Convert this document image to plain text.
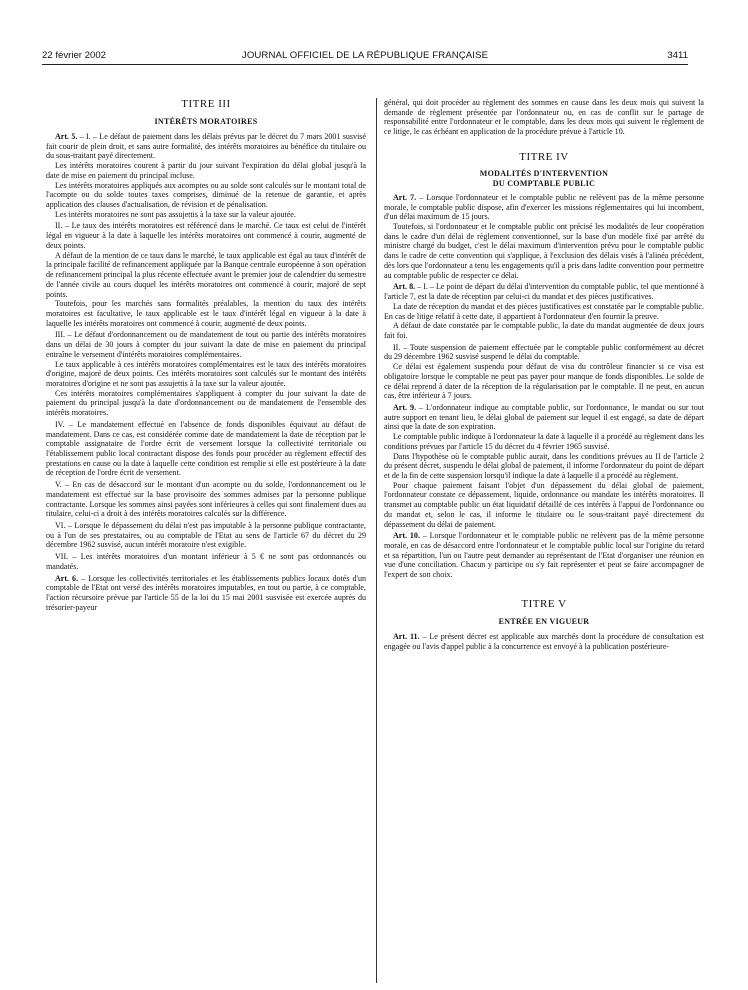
22 février 2002	JOURNAL OFFICIEL DE LA RÉPUBLIQUE FRANÇAISE	3411
TITRE III
INTÉRÊTS MORATOIRES

Art. 5. – I. – Le défaut de paiement dans les délais prévus par le décret du 7 mars 2001 susvisé fait courir de plein droit, et sans autre formalité, des intérêts moratoires au bénéfice du titulaire ou du sous-traitant payé directement.

Les intérêts moratoires courent à partir du jour suivant l'expiration du délai global jusqu'à la date de mise en paiement du principal inclusе.

Les intérêts moratoires appliqués aux acomptes ou au solde sont calculés sur le montant total de l'acompte ou du solde toutes taxes comprises, diminué de la retenue de garantie, et après application des clauses d'actualisation, de révision et de pénalisation.

Les intérêts moratoires ne sont pas assujettis à la taxe sur la valeur ajoutée.

II. – Le taux des intérêts moratoires est référencé dans le marché. Ce taux est celui de l'intérêt légal en vigueur à la date à laquelle les intérêts moratoires ont commencé à courir, augmenté de deux points.

A défaut de la mention de ce taux dans le marché, le taux applicable est égal au taux d'intérêt de la principale facilité de refinancement appliquée par la Banque centrale européenne à son opération de refinancement principal la plus récente effectuée avant le premier jour de calendrier du semestre de l'année civile au cours duquel les intérêts moratoires ont commencé à courir, majoré de sept points.

Toutefois, pour les marchés sans formalités préalables, la mention du taux des intérêts moratoires est facultative, le taux applicable est le taux d'intérêt légal en vigueur à la date à laquelle les intérêts moratoires ont commencé à courir, augmenté de deux points.

III. – Le défaut d'ordonnancement ou de mandatement de tout ou partie des intérêts moratoires dans un délai de 30 jours à compter du jour suivant la date de mise en paiement du principal entraîne le versement d'intérêts moratoires complémentaires.

Le taux applicable à ces intérêts moratoires complémentaires est le taux des intérêts moratoires d'origine, majoré de deux points. Ces intérêts moratoires sont calculés sur le montant des intérêts moratoires d'origine et ne sont pas assujettis à la taxe sur la valeur ajoutée.

Ces intérêts moratoires complémentaires s'appliquent à compter du jour suivant la date de paiement du principal jusqu'à la date d'ordonnancement ou de mandatement de l'ensemble des intérêts moratoires.

IV. – Le mandatement effectué en l'absence de fonds disponibles équivaut au défaut de mandatement. Dans ce cas, est considérée comme date de mandatement la date de réception par le comptable assignataire de l'ordre écrit de versement lorsque la collectivité territoriale ou l'établissement public local contractant dispose des fonds pour procéder au règlement effectif des prestations en cause ou la date à laquelle cette condition est remplie si elle est postérieure à la date de réception de l'ordre écrit de versement.

V. – En cas de désaccord sur le montant d'un acompte ou du solde, l'ordonnancement ou le mandatement est effectué sur la base provisoire des sommes admises par la personne publique contractante. Lorsque les sommes ainsi payées sont inférieures à celles qui sont finalement dues au titulaire, celui-ci a droit à des intérêts moratoires calculés sur la différence.

VI. – Lorsque le dépassement du délai n'est pas imputable à la personne publique contractante, ou à l'un de ses prestataires, ou au comptable de l'Etat au sens de l'article 67 du décret du 29 décembre 1962 susvisé, aucun intérêt moratoire n'est exigible.

VII. – Les intérêts moratoires d'un montant inférieur à 5 € ne sont pas ordonnancés ou mandatés.

Art. 6. – Lorsque les collectivités territoriales et les établissements publics locaux dotés d'un comptable de l'Etat ont versé des intérêts moratoires imputables, en tout ou partie, à ce comptable, l'action récursoire prévue par l'article 55 de la loi du 15 mai 2001 susvisée est exercée auprès du trésorier-payeur

général, qui doit procéder au règlement des sommes en cause dans les deux mois qui suivent la demande de règlement présentée par l'ordonnateur ou, en cas de conflit sur le partage de responsabilité entre l'ordonnateur et le comptable, dans les deux mois qui suivent le règlement de ce litige, le cas échéant en application de la procédure prévue à l'article 10.

TITRE IV
MODALITÉS D'INTERVENTION
DU COMPTABLE PUBLIC

Art. 7. – Lorsque l'ordonnateur et le comptable public ne relèvent pas de la même personne morale, le comptable public dispose, afin d'exercer les missions réglementaires qui lui incombent, d'un délai maximum de 15 jours.

Toutefois, si l'ordonnateur et le comptable public ont précisé les modalités de leur coopération dans le cadre d'un délai de règlement conventionnel, sur la base d'un modèle fixé par arrêté du ministre chargé du budget, c'est le délai maximum d'intervention prévu pour le comptable public dans le cadre de cette convention qui s'applique, à l'exclusion des délais visés à l'alinéa précédent, dès lors que l'ordonnateur a tenu les engagements qu'il a pris dans ladite convention pour permettre au comptable public de respecter ce délai.

Art. 8. – I. – Le point de départ du délai d'intervention du comptable public, tel que mentionné à l'article 7, est la date de réception par celui-ci du mandat et des pièces justificatives.

La date de réception du mandat et des pièces justificatives est constatée par le comptable public. En cas de litige relatif à cette date, il appartient à l'ordonnateur d'en fournir la preuve.

A défaut de date constatée par le comptable public, la date du mandat augmentée de deux jours fait foi.

II. – Toute suspension de paiement effectuée par le comptable public conformément au décret du 29 décembre 1962 susvisé suspend le délai du comptable.

Ce délai est également suspendu pour défaut de visa du contrôleur financier si ce visa est obligatoire lorsque le comptable ne peut pas payer pour manque de fonds disponibles. Le solde de ce délai reprend à dater de la réception de la régularisation par le comptable. Il ne peut, en aucun cas, être inférieur à 7 jours.

Art. 9. – L'ordonnateur indique au comptable public, sur l'ordonnance, le mandat ou sur tout autre support en tenant lieu, le délai global de paiement sur lequel il est engagé, sa date de départ ainsi que la date de son expiration.

Le comptable public indique à l'ordonnateur la date à laquelle il a procédé au règlement dans les conditions prévues par l'article 15 du décret du 4 février 1965 susvisé.

Dans l'hypothèse où le comptable public aurait, dans les conditions prévues au II de l'article 2 du présent décret, suspendu le délai global de paiement, il informe l'ordonnateur du point de départ et de la fin de cette suspension lorsqu'il indique la date à laquelle il a procédé au règlement.

Pour chaque paiement faisant l'objet d'un dépassement du délai global de paiement, l'ordonnateur constate ce dépassement, liquide, ordonnance ou mandate les intérêts moratoires. Il transmet au comptable public un état liquidatif détaillé de ces intérêts à l'appui de l'ordonnance ou du mandat et, selon le cas, il informe le titulaire ou le sous-traitant payé directement du dépassement du délai de paiement.

Art. 10. – Lorsque l'ordonnateur et le comptable public ne relèvent pas de la même personne morale, en cas de désaccord entre l'ordonnateur et le comptable public local sur l'origine du retard et sa répartition, l'un ou l'autre peut demander au représentant de l'Etat d'organiser une réunion en vue d'une conciliation. Chacun y participe ou s'y fait représenter et peut se faire accompagner de l'expert de son choix.

TITRE V
ENTRÉE EN VIGUEUR

Art. 11. – Le présent décret est applicable aux marchés dont la procédure de consultation est engagée ou l'avis d'appel public à la concurrence est envoyé à la publication postérieure-
